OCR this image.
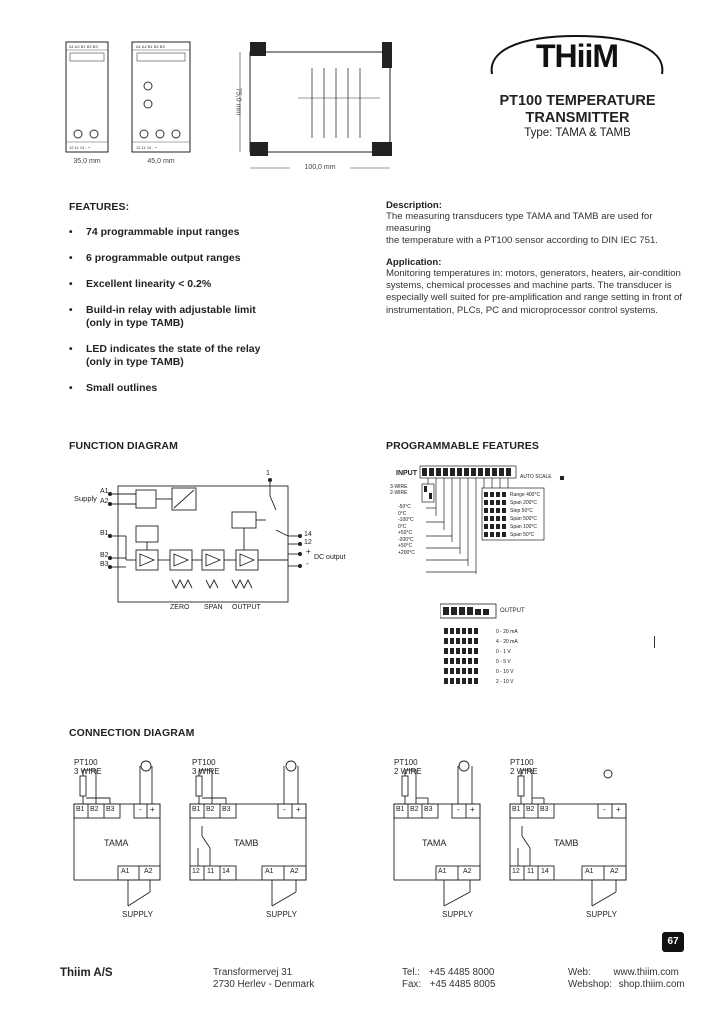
A1 A2 B1 B2 B3
12 11 14 - +
A1 A2 B1 B2 B3
12 11 14 - +
35,0 mm	45,0 mm
100,0 mm
75,0 mm
THiiM
PT100 TEMPERATURE
TRANSMITTER
Type: TAMA & TAMB
FEATURES:
• 74 programmable input ranges
• 6 programmable output ranges
• Excellent linearity < 0.2%
• Build-in relay with adjustable limit
(only in type TAMB)
• LED indicates the state of the relay
(only in type TAMB)
• Small outlines
Description:
The measuring transducers type TAMA and TAMB are used for measuring
the temperature with a PT100 sensor according to DIN IEC 751.
Application:
Monitoring temperatures in: motors, generators, heaters, air-condition
systems, chemical processes and machine parts. The transducer is
especially well suited for pre-amplification and range setting in front of
instrumentation, PLCs, PC and microprocessor control systems.
FUNCTION DIAGRAM
Supply
A1
A2
B1
B2
B3
1
14
12
+
-
DC output
ZERO SPAN OUTPUT
PROGRAMMABLE FEATURES
INPUT	AUTO SCALE
3-WIRE
2-WIRE
-50°C
0°C
-100°C
0°C
+50°C
-200°C
+50°C
+200°C
Range 400°C
Span 200°C
Step 50°C
Span 500°C
Span 100°C
Span 50°C
OUTPUT
0 - 20 mA
4 - 20 mA
0 - 1 V
0 - 5 V
0 - 10 V
2 - 10 V
CONNECTION DIAGRAM
PT100
3 WIRE
B1 B2 B3	- +
TAMA
A1 A2
SUPPLY
PT100
3 WIRE
B1 B2 B3	- +
TAMB
12 11 14	A1 A2
SUPPLY
PT100
2 WIRE
B1 B2 B3	- +
TAMA
A1 A2
SUPPLY
PT100
2 WIRE
B1 B2 B3	- +
TAMB
12 11 14	A1 A2
SUPPLY
67
Thiim A/S	Transformervej 31
2730 Herlev - Denmark
Tel.: +45 4485 8000
Fax: +45 4485 8005
Web: www.thiim.com
Webshop: shop.thiim.com
